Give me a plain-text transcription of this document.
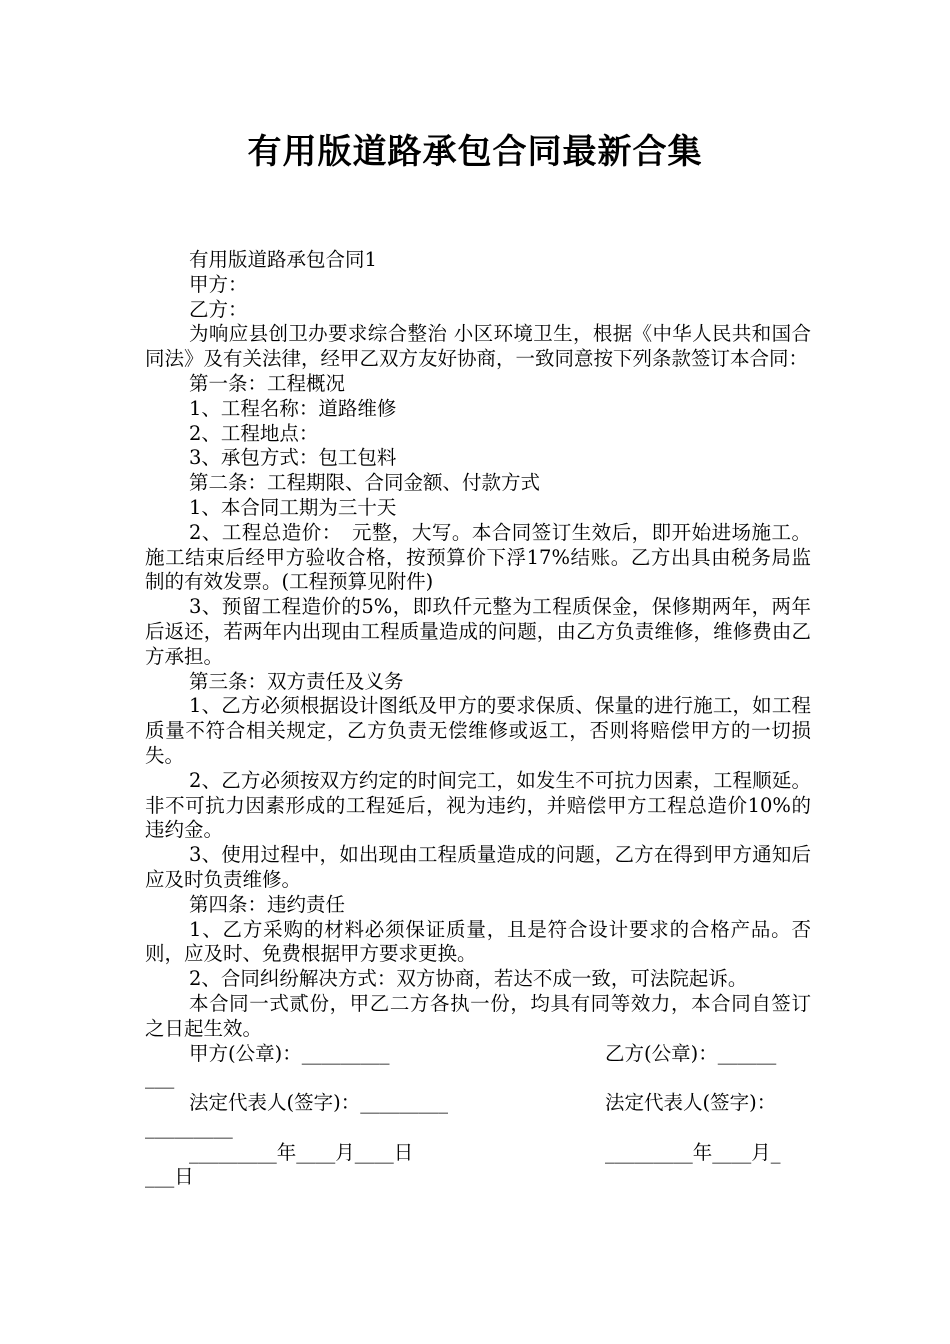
有用版道路承包合同最新合集

有用版道路承包合同1

甲方：

乙方：

为响应县创卫办要求综合整治 小区环境卫生，根据《中华人民共和国合同法》及有关法律，经甲乙双方友好协商，一致同意按下列条款签订本合同：

第一条：工程概况

1、工程名称：道路维修

2、工程地点：

3、承包方式：包工包料

第二条：工程期限、合同金额、付款方式

1、本合同工期为三十天

2、工程总造价：　元整，大写。本合同签订生效后，即开始进场施工。施工结束后经甲方验收合格，按预算价下浮17%结账。乙方出具由税务局监制的有效发票。(工程预算见附件)

3、预留工程造价的5%，即玖仟元整为工程质保金，保修期两年，两年后返还，若两年内出现由工程质量造成的问题，由乙方负责维修，维修费由乙方承担。

第三条：双方责任及义务

1、乙方必须根据设计图纸及甲方的要求保质、保量的进行施工，如工程质量不符合相关规定，乙方负责无偿维修或返工，否则将赔偿甲方的一切损失。

2、乙方必须按双方约定的时间完工，如发生不可抗力因素，工程顺延。非不可抗力因素形成的工程延后，视为违约，并赔偿甲方工程总造价10%的违约金。

3、使用过程中，如出现由工程质量造成的问题，乙方在得到甲方通知后应及时负责维修。

第四条：违约责任

1、乙方采购的材料必须保证质量，且是符合设计要求的合格产品。否则，应及时、免费根据甲方要求更换。

2、合同纠纷解决方式：双方协商，若达不成一致，可法院起诉。

本合同一式贰份，甲乙二方各执一份，均具有同等效力，本合同自签订之日起生效。

甲方(公章)：_________	乙方(公章)：______
___
法定代表人(签字)：_________	法定代表人(签字)：
_________
_________年____月____日	_________年____月_
___日
